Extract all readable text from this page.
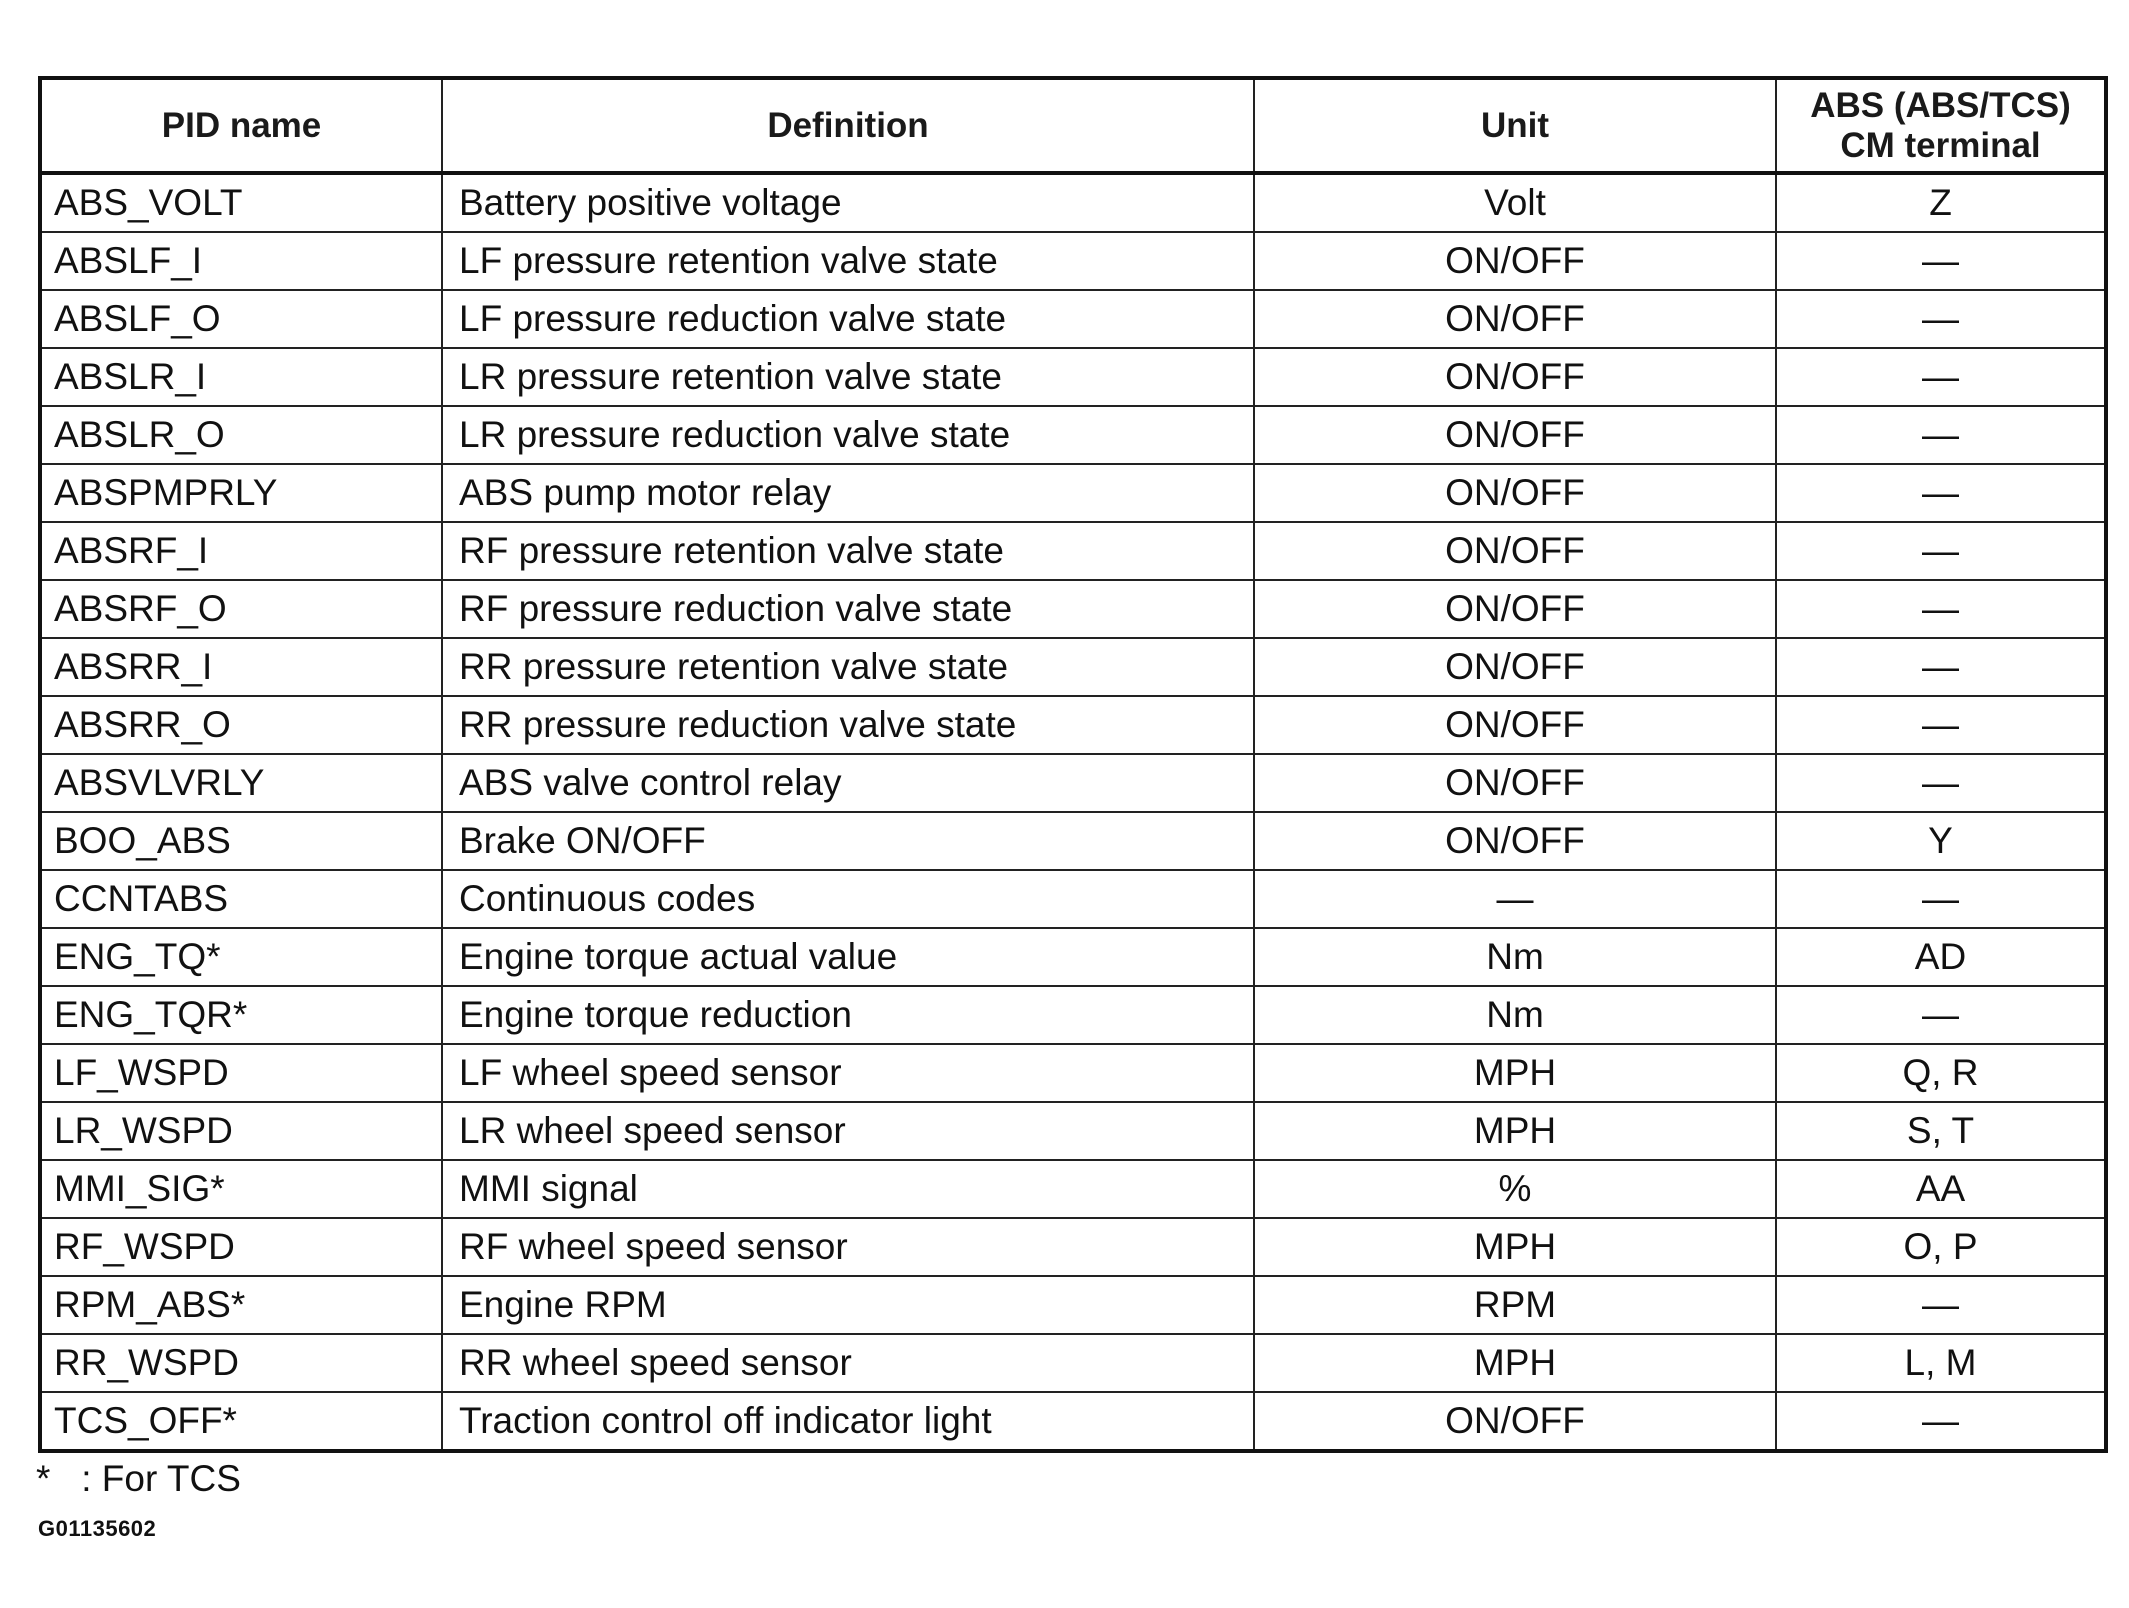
PID name	Definition	Unit	ABS (ABS/TCS)
CM terminal

ABS_VOLT	Battery positive voltage	Volt	Z
ABSLF_I	LF pressure retention valve state	ON/OFF	—
ABSLF_O	LF pressure reduction valve state	ON/OFF	—
ABSLR_I	LR pressure retention valve state	ON/OFF	—
ABSLR_O	LR pressure reduction valve state	ON/OFF	—
ABSPMPRLY	ABS pump motor relay	ON/OFF	—
ABSRF_I	RF pressure retention valve state	ON/OFF	—
ABSRF_O	RF pressure reduction valve state	ON/OFF	—
ABSRR_I	RR pressure retention valve state	ON/OFF	—
ABSRR_O	RR pressure reduction valve state	ON/OFF	—
ABSVLVRLY	ABS valve control relay	ON/OFF	—
BOO_ABS	Brake ON/OFF	ON/OFF	Y
CCNTABS	Continuous codes	—	—
ENG_TQ*	Engine torque actual value	Nm	AD
ENG_TQR*	Engine torque reduction	Nm	—
LF_WSPD	LF wheel speed sensor	MPH	Q, R
LR_WSPD	LR wheel speed sensor	MPH	S, T
MMI_SIG*	MMI signal	%	AA
RF_WSPD	RF wheel speed sensor	MPH	O, P
RPM_ABS*	Engine RPM	RPM	—
RR_WSPD	RR wheel speed sensor	MPH	L, M
TCS_OFF*	Traction control off indicator light	ON/OFF	—
*   : For TCS
G01135602
